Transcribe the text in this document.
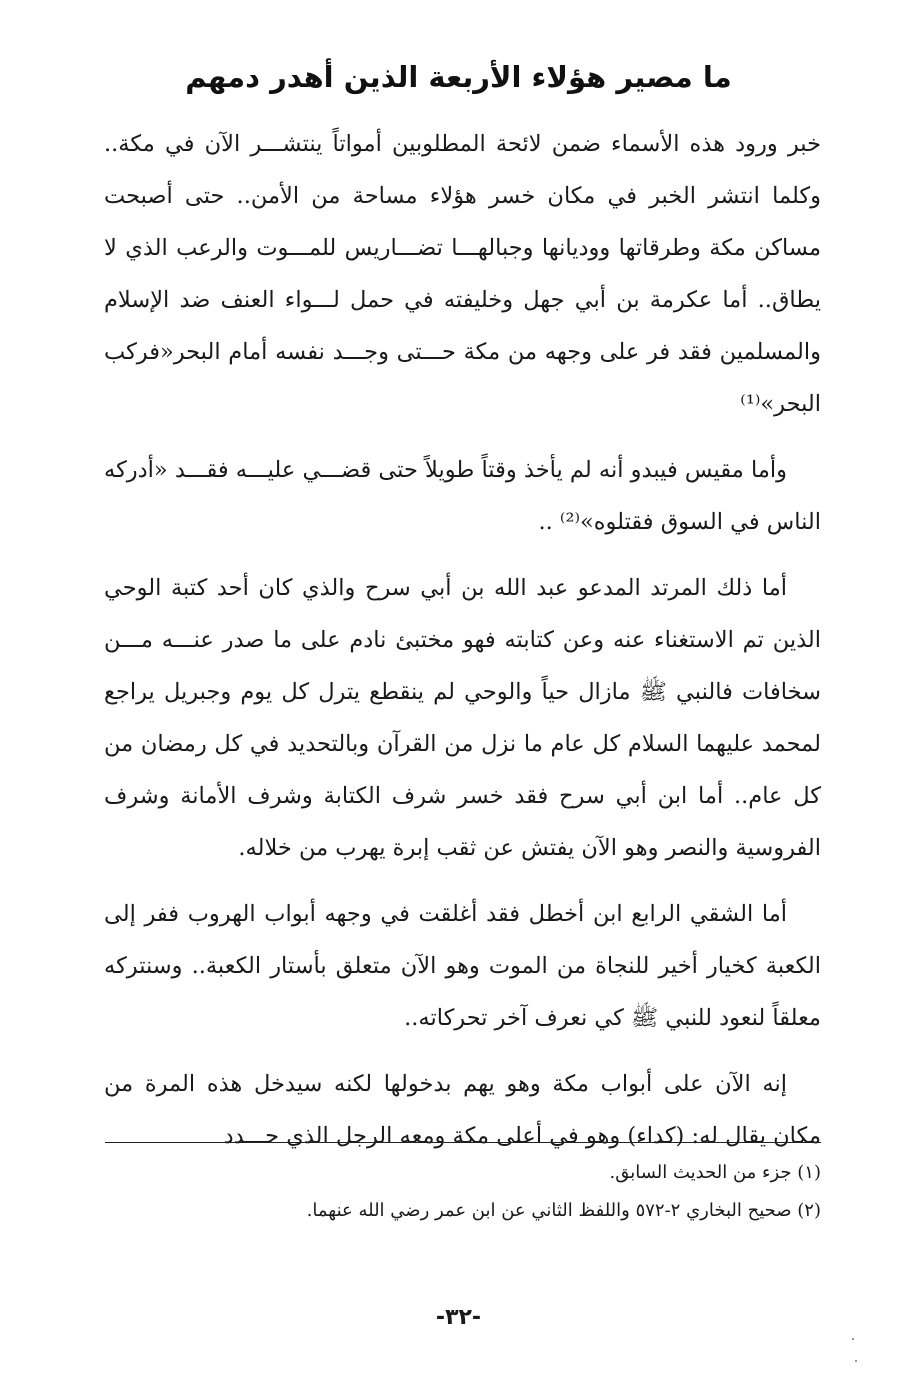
ما مصير هؤلاء الأربعة الذين أهدر دمهم

خبر ورود هذه الأسماء ضمن لائحة المطلوبين أمواتاً ينتشـــر الآن في مكة.. وكلما انتشر الخبر في مكان خسر هؤلاء مساحة من الأمن.. حتى أصبحت مساكن مكة وطرقاتها ووديانها وجبالهـــا تضـــاريس للمـــوت والرعب الذي لا يطاق.. أما عكرمة بن أبي جهل وخليفته في حمل لـــواء العنف ضد الإسلام والمسلمين فقد فر على وجهه من مكة حـــتى وجـــد نفسه أمام البحر«فركب البحر»⁽¹⁾

وأما مقيس فيبدو أنه لم يأخذ وقتاً طويلاً حتى قضـــي عليـــه فقـــد «أدركه الناس في السوق فقتلوه»⁽²⁾ ..

أما ذلك المرتد المدعو عبد الله بن أبي سرح والذي كان أحد كتبة الوحي الذين تم الاستغناء عنه وعن كتابته فهو مختبئ نادم على ما صدر عنـــه مـــن سخافات فالنبي ﷺ مازال حياً والوحي لم ينقطع يترل كل يوم وجبريل يراجع لمحمد عليهما السلام كل عام ما نزل من القرآن وبالتحديد في كل رمضان من كل عام.. أما ابن أبي سرح فقد خسر شرف الكتابة وشرف الأمانة وشرف الفروسية والنصر وهو الآن يفتش عن ثقب إبرة يهرب من خلاله.

أما الشقي الرابع ابن أخطل فقد أغلقت في وجهه أبواب الهروب ففر إلى الكعبة كخيار أخير للنجاة من الموت وهو الآن متعلق بأستار الكعبة.. وسنتركه معلقاً لنعود للنبي ﷺ كي نعرف آخر تحركاته..

إنه الآن على أبواب مكة وهو يهم بدخولها لكنه سيدخل هذه المرة من مكان يقال له: (كداء) وهو في أعلى مكة ومعه الرجل الذي حـــدد

(١) جزء من الحديث السابق.

(٢) صحيح البخاري ٢-٥٧٢ واللفظ الثاني عن ابن عمر رضي الله عنهما.

-٣٢-
